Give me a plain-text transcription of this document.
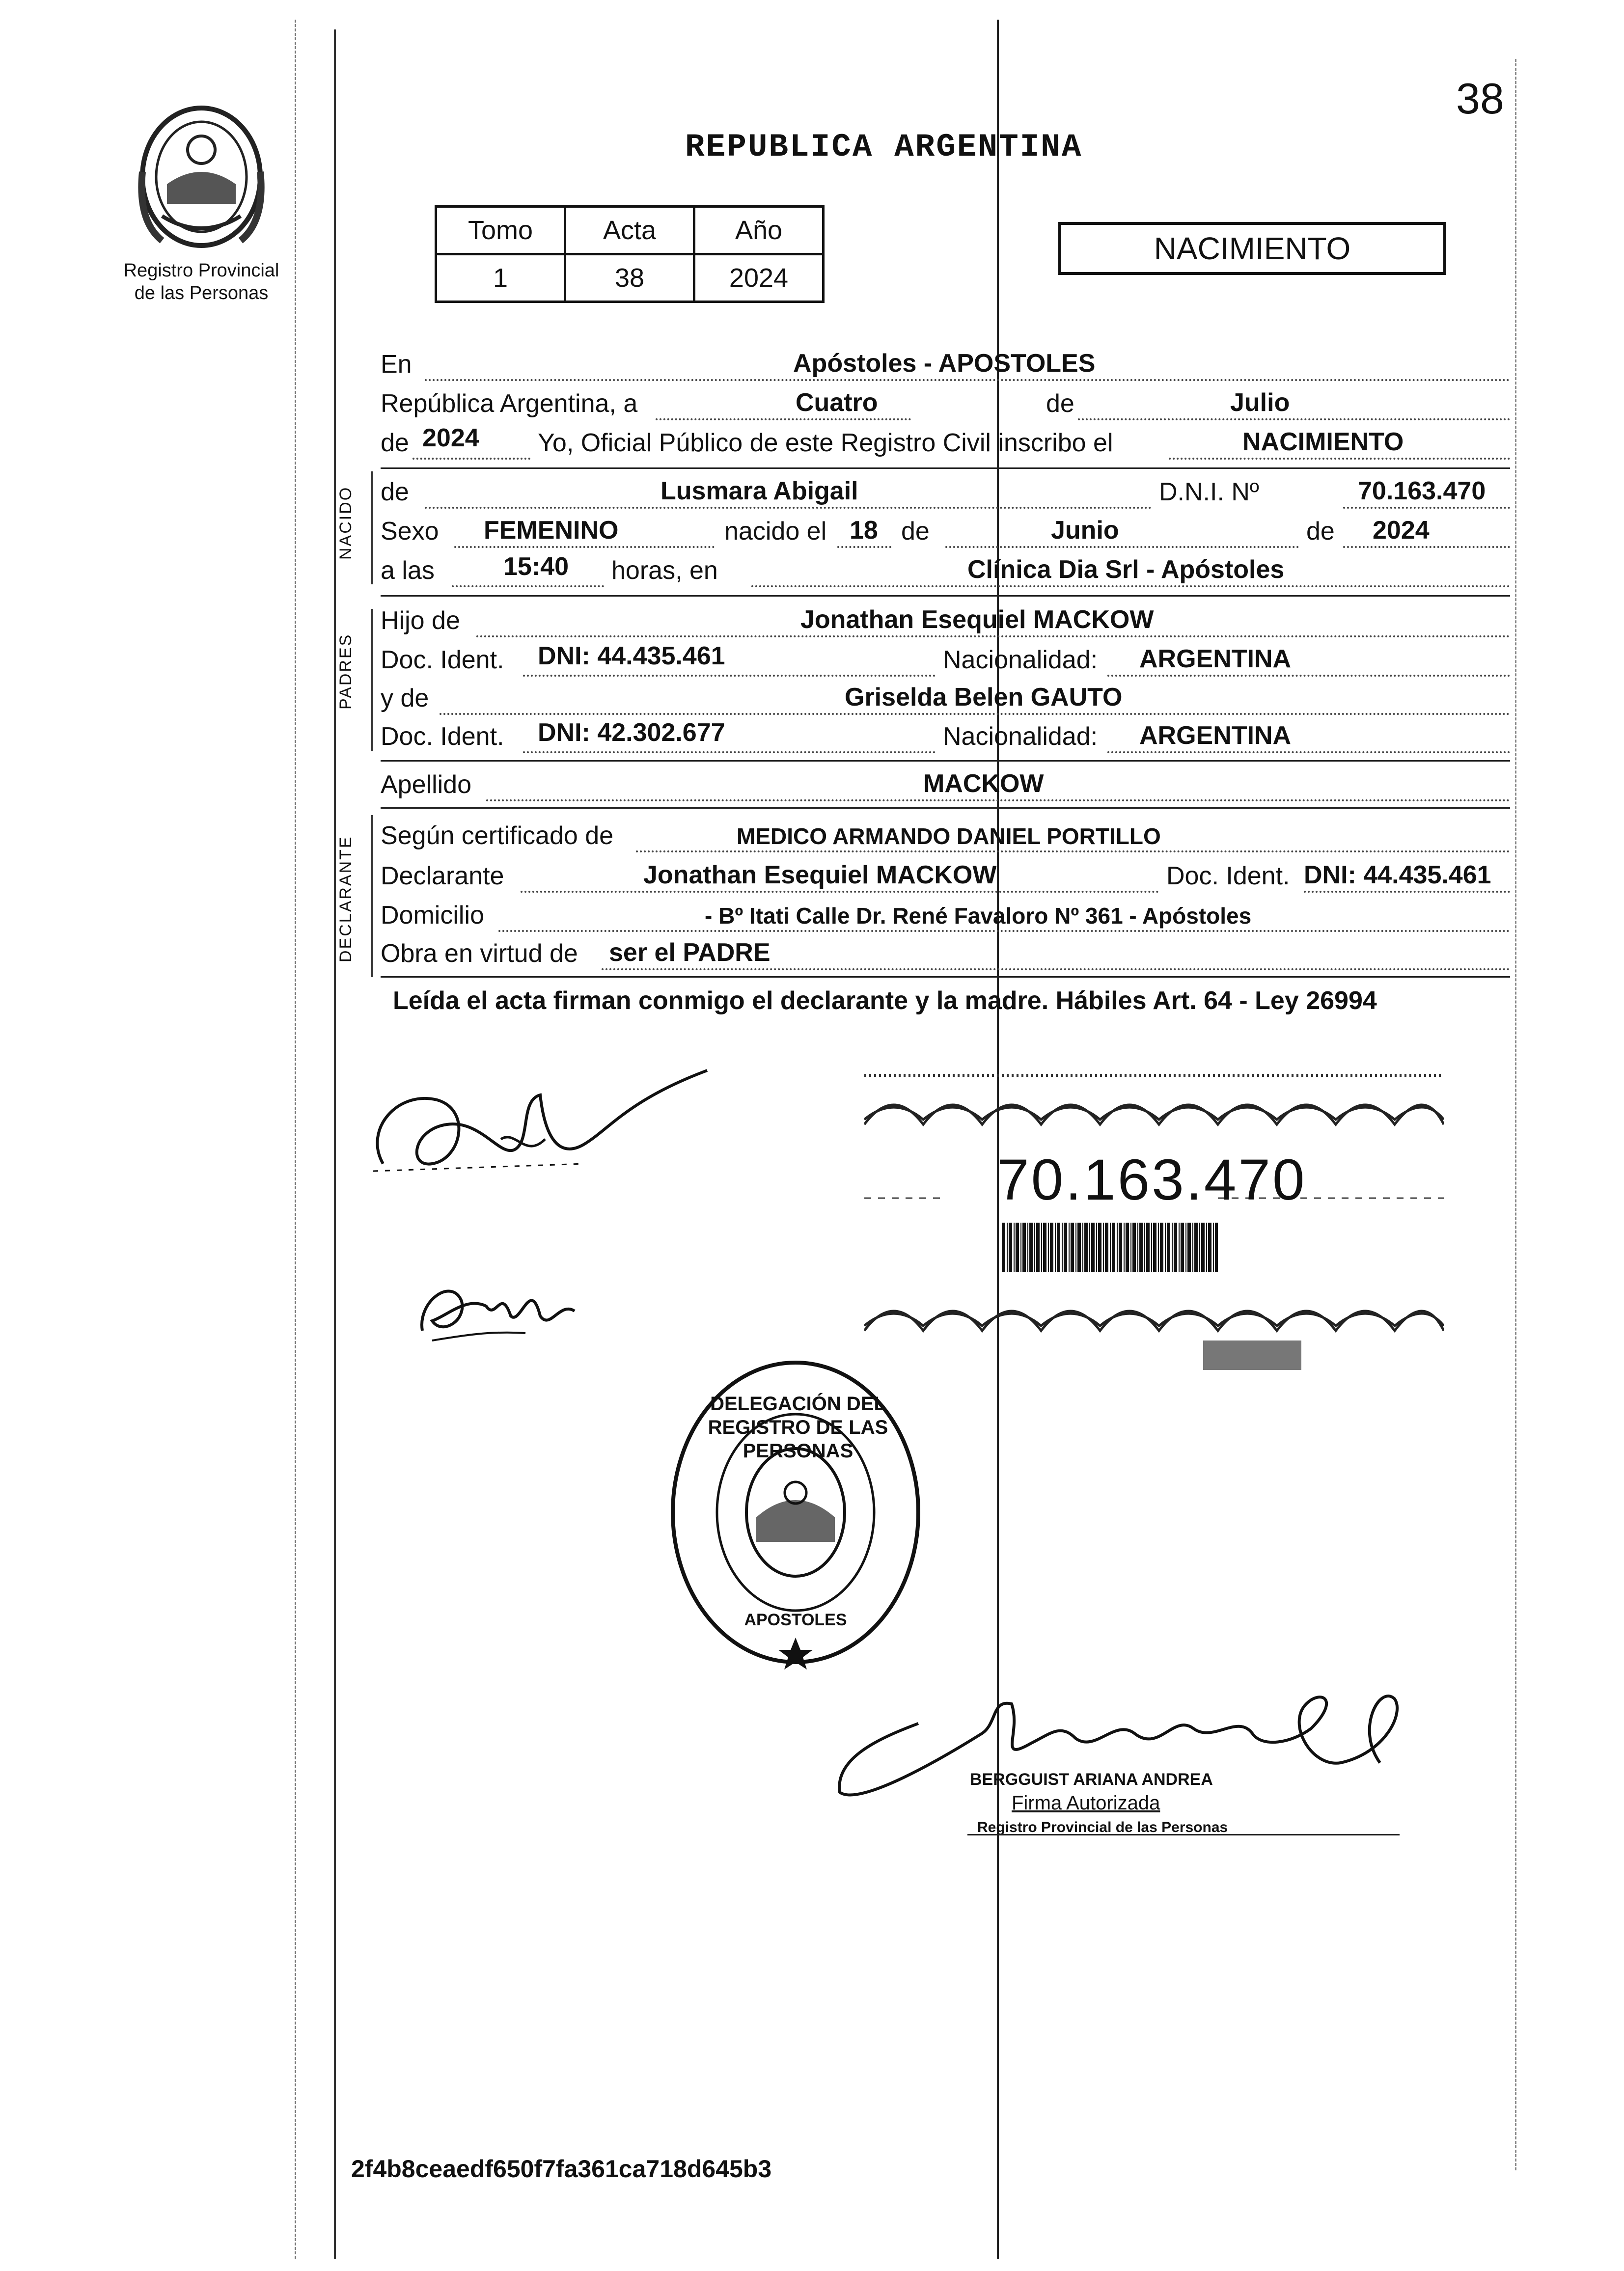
38
Registro Provincial
de las Personas
REPUBLICA ARGENTINA
Tomo	Acta	Año
1	38	2024
NACIMIENTO
En	Apóstoles - APOSTOLES
República Argentina, a	Cuatro	de	Julio
de 2024 Yo, Oficial Público de este Registro Civil inscribo el	NACIMIENTO
NACIDO de	Lusmara Abigail	D.N.I. Nº	70.163.470
Sexo FEMENINO	nacido el 18 de	Junio	de 2024
a las	15:40 horas, en	Clínica Dia Srl - Apóstoles
PADRES
Hijo de	Jonathan Esequiel MACKOW
Doc. Ident. DNI: 44.435.461	Nacionalidad: ARGENTINA
y de	Griselda Belen GAUTO
Doc. Ident. DNI: 42.302.677	Nacionalidad: ARGENTINA
Apellido	MACKOW
DECLARANTE Según certificado de	MEDICO ARMANDO DANIEL PORTILLO
Declarante	Jonathan Esequiel MACKOW	Doc. Ident. DNI: 44.435.461
Domicilio	- Bº Itati Calle Dr. René Favaloro Nº 361 - Apóstoles
Obra en virtud de ser el PADRE
Leída el acta firman conmigo el declarante y la madre. Hábiles Art. 64 - Ley 26994
70.163.470
DELEGACIÓN DEL REGISTRO DE LAS PERSONAS
APOSTOLES
BERGGUIST ARIANA ANDREA
Firma Autorizada
Registro Provincial de las Personas
2f4b8ceaedf650f7fa361ca718d645b3
